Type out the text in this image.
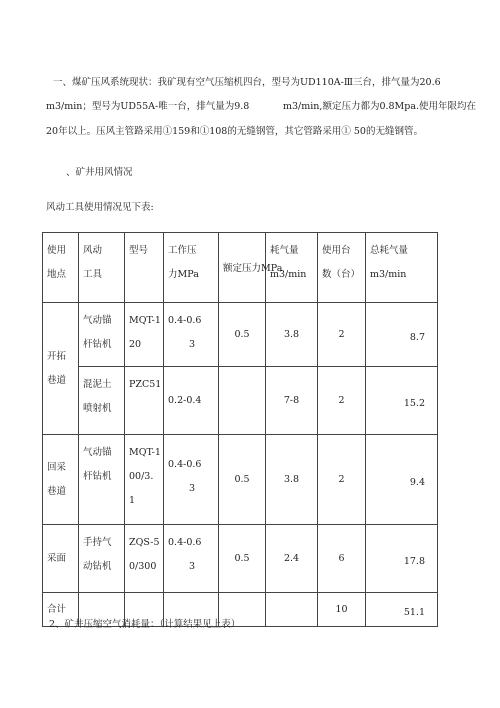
一、煤矿压风系统现状：我矿现有空气压缩机四台，型号为UD110A-Ⅲ三台，排气量为20.6
m3/min；型号为UD55A-唯一台，排气量为9.8	m3/min,额定压力都为0.8Mpa.使用年限均在
20年以上。压风主管路采用①159和①108的无缝钢管，其它管路采用① 50的无缝钢管。
、矿井用风情况
风动工具使用情况见下表:
使用
地点	风动
工具	型号	工作压
力MPa	额定压力MPa	耗气量
m3/min	使用台
数（台）	总耗气量
m3/min

开拓
巷道	气动锚
杆钻机	MQT-1
20	0.4-0.6
3	0.5	3.8	2	8.7

	混泥土
喷射机	PZC51	0.2-0.4		7-8	2	15.2

回采
巷道	气动锚
杆钻机	MQT-1
00/3.
1	0.4-0.6
3	0.5	3.8	2	9.4
采面	手持气
动钻机	ZQS-5
0/300	0.4-0.6
3	0.5	2.4	6	17.8
合计						10	51.1
2、矿井压缩空气消耗量：（计算结果见上表）
